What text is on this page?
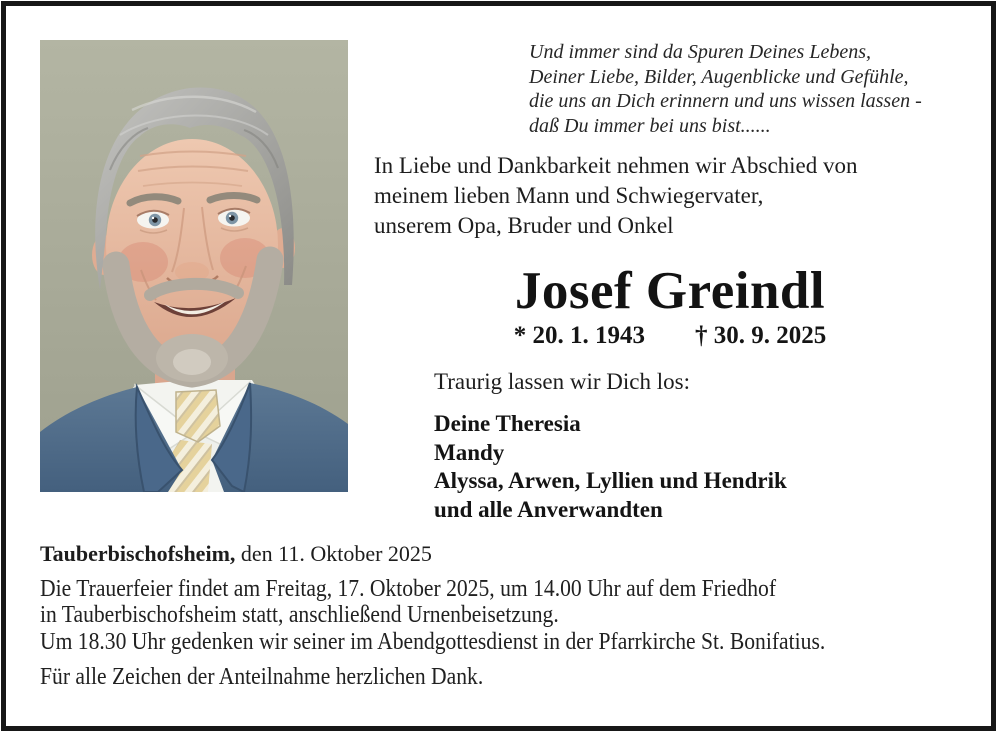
Und immer sind da Spuren Deines Lebens,
Deiner Liebe, Bilder, Augenblicke und Gefühle,
die uns an Dich erinnern und uns wissen lassen -
daß Du immer bei uns bist......
In Liebe und Dankbarkeit nehmen wir Abschied von
meinem lieben Mann und Schwiegervater,
unserem Opa, Bruder und Onkel
Josef Greindl
* 20. 1. 1943 † 30. 9. 2025
Traurig lassen wir Dich los:
Deine Theresia
Mandy
Alyssa, Arwen, Lyllien und Hendrik
und alle Anverwandten
Tauberbischofsheim, den 11. Oktober 2025
Die Trauerfeier findet am Freitag, 17. Oktober 2025, um 14.00 Uhr auf dem Friedhof
in Tauberbischofsheim statt, anschließend Urnenbeisetzung.
Um 18.30 Uhr gedenken wir seiner im Abendgottesdienst in der Pfarrkirche St. Bonifatius.
Für alle Zeichen der Anteilnahme herzlichen Dank.
